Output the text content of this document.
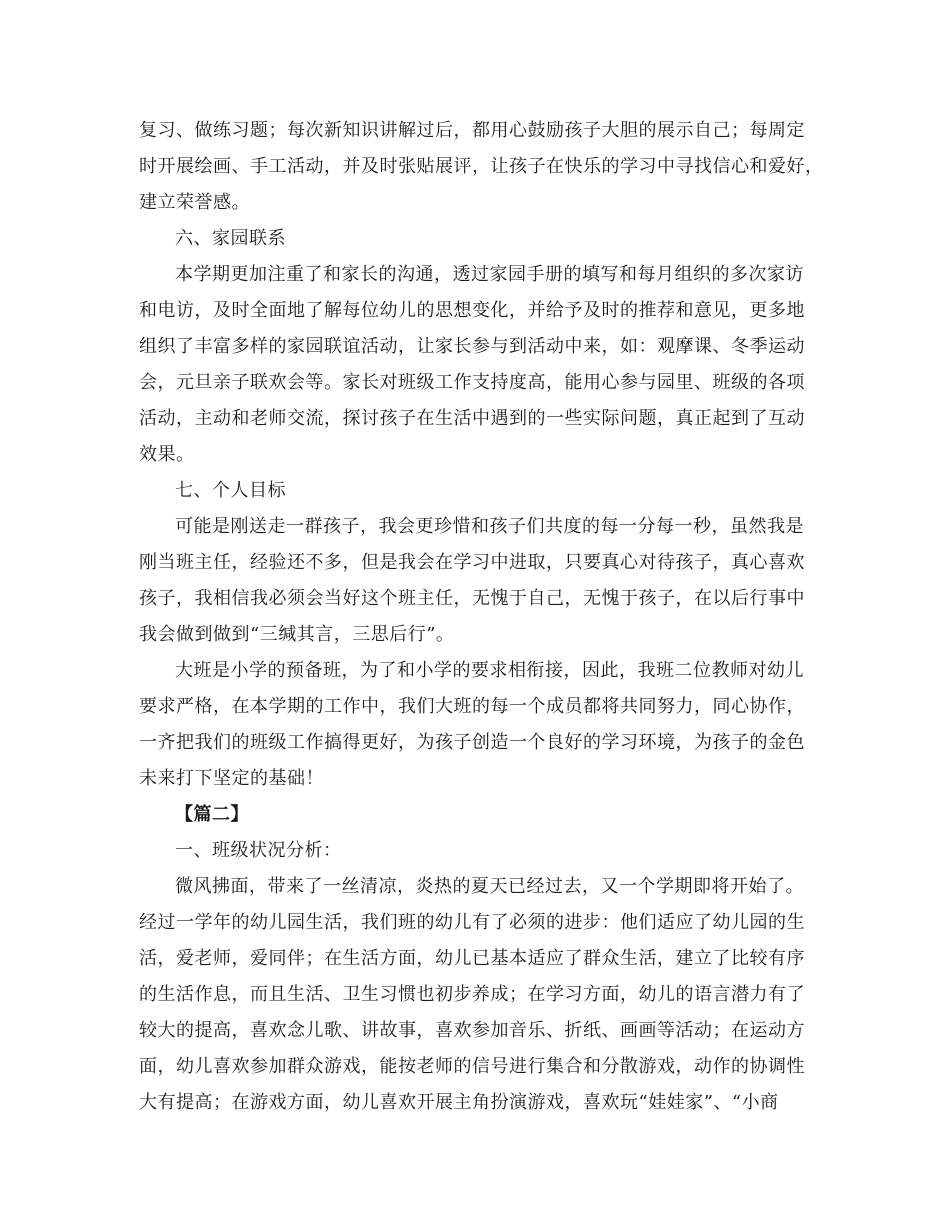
复习、做练习题；每次新知识讲解过后，都用心鼓励孩子大胆的展示自己；每周定
时开展绘画、手工活动，并及时张贴展评，让孩子在快乐的学习中寻找信心和爱好，
建立荣誉感。
六、家园联系
本学期更加注重了和家长的沟通，透过家园手册的填写和每月组织的多次家访
和电访，及时全面地了解每位幼儿的思想变化，并给予及时的推荐和意见，更多地
组织了丰富多样的家园联谊活动，让家长参与到活动中来，如：观摩课、冬季运动
会，元旦亲子联欢会等。家长对班级工作支持度高，能用心参与园里、班级的各项
活动，主动和老师交流，探讨孩子在生活中遇到的一些实际问题，真正起到了互动
效果。
七、个人目标
可能是刚送走一群孩子，我会更珍惜和孩子们共度的每一分每一秒，虽然我是
刚当班主任，经验还不多，但是我会在学习中进取，只要真心对待孩子，真心喜欢
孩子，我相信我必须会当好这个班主任，无愧于自己，无愧于孩子，在以后行事中
我会做到做到“三缄其言，三思后行”。
大班是小学的预备班，为了和小学的要求相衔接，因此，我班二位教师对幼儿
要求严格，在本学期的工作中，我们大班的每一个成员都将共同努力，同心协作，
一齐把我们的班级工作搞得更好，为孩子创造一个良好的学习环境，为孩子的金色
未来打下坚定的基础！
【篇二】
一、班级状况分析：
微风拂面，带来了一丝清凉，炎热的夏天已经过去，又一个学期即将开始了。
经过一学年的幼儿园生活，我们班的幼儿有了必须的进步：他们适应了幼儿园的生
活，爱老师，爱同伴；在生活方面，幼儿已基本适应了群众生活，建立了比较有序
的生活作息，而且生活、卫生习惯也初步养成；在学习方面，幼儿的语言潜力有了
较大的提高，喜欢念儿歌、讲故事，喜欢参加音乐、折纸、画画等活动；在运动方
面，幼儿喜欢参加群众游戏，能按老师的信号进行集合和分散游戏，动作的协调性
大有提高；在游戏方面，幼儿喜欢开展主角扮演游戏，喜欢玩“娃娃家”、“小商
